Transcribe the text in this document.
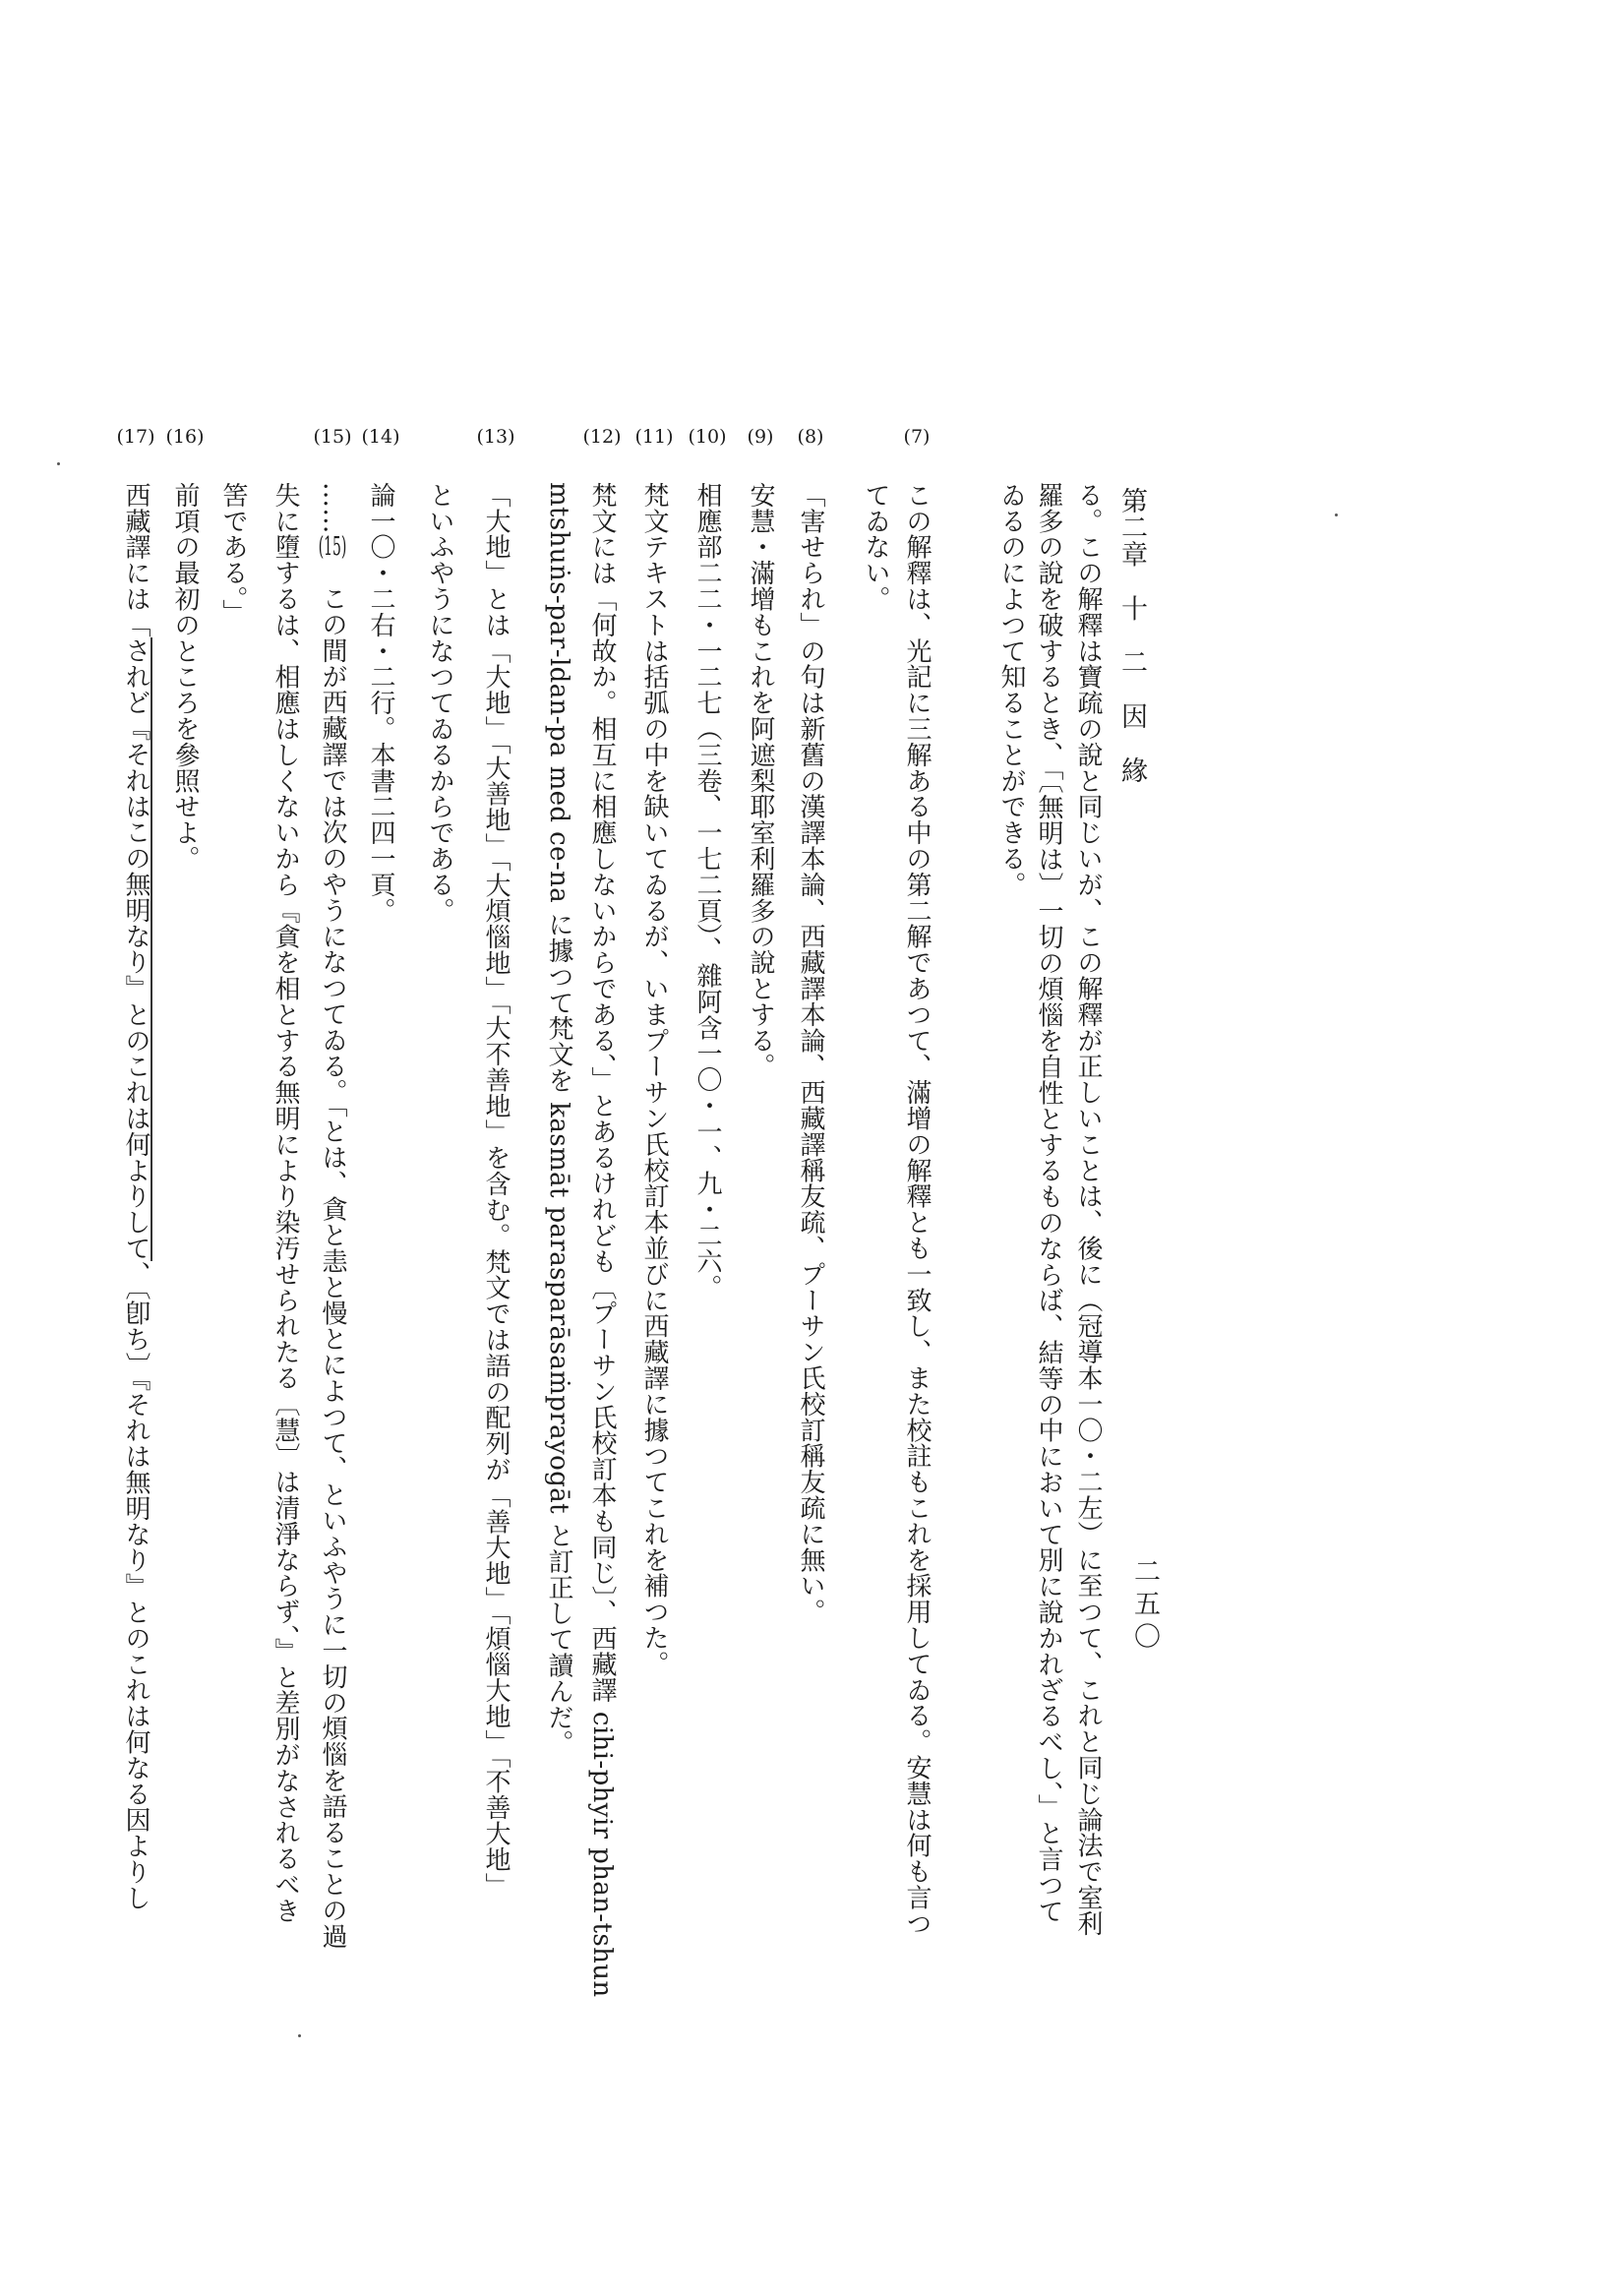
第二章　十　二　因　緣
二五〇
る。この解釋は寶疏の說と同じいが、この解釋が正しいことは、後に（冠導本一〇・二左）に至つて、これと同じ論法で室利
羅多の說を破するとき、「〔無明は〕一切の煩惱を自性とするものならば、結等の中において別に說かれざるべし、」と言つて
ゐるのによつて知ることができる。
(7)
この解釋は、光記に三解ある中の第二解であつて、滿增の解釋とも一致し、また校註もこれを採用してゐる。安慧は何も言つ
てゐない。
(8)
「害せられ」の句は新舊の漢譯本論、西藏譯本論、西藏譯稱友疏、プーサン氏校訂稱友疏に無い。
(9)
安慧・滿增もこれを阿遮梨耶室利羅多の說とする。
(10)
相應部二二・一二七（三卷、一七二頁）、雜阿含一〇・一、九・二六。
(11)
梵文テキストは括弧の中を缺いてゐるが、いまプーサン氏校訂本並びに西藏譯に據つてこれを補つた。
(12)
梵文には「何故か。相互に相應しないからである、」とあるけれども〔プーサン氏校訂本も同じ〕、西藏譯 cihi-phyir phan-tshun
mtshuṅs-par-ldan-pa med ce-na に據つて梵文を kasmāt parasparāsaṁprayogāt と訂正して讀んだ。
(13)
「大地」とは「大地」「大善地」「大煩惱地」「大不善地」を含む。梵文では語の配列が「善大地」「煩惱大地」「不善大地」
といふやうになつてゐるからである。
(14)
論一〇・二右・二行。本書二四一頁。
(15)
……(15)　この間が西藏譯では次のやうになつてゐる。「とは、貪と恚と慢とによつて、といふやうに一切の煩惱を語ることの過
失に墮するは、相應はしくないから『貪を相とする無明により染汚せられたる〔慧〕は清淨ならず、』と差別がなされるべき
筈である。」
(16)
前項の最初のところを參照せよ。
(17)
西藏譯には「されど『それはこの無明なり』とのこれは何よりして、〔卽ち〕『それは無明なり』とのこれは何なる因よりし
